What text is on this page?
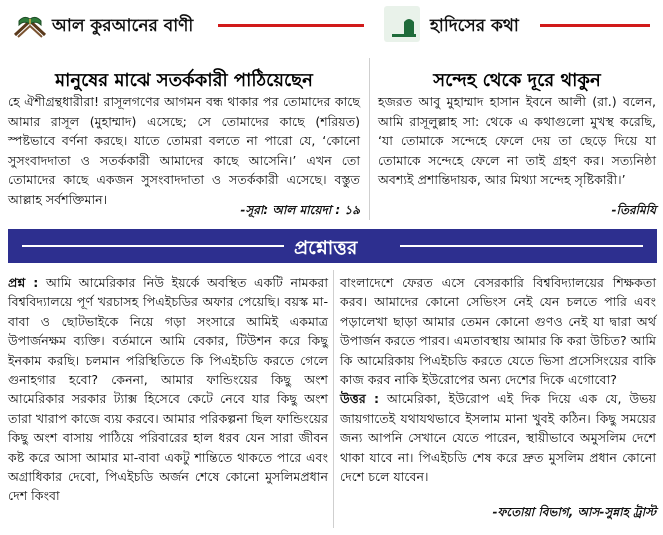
আল কুরআনের বাণী	হাদিসের কথা
মানুষের মাঝে সতর্ককারী পাঠিয়েছেন

হে ঐশীগ্রন্থধারীরা! রাসূলগণের আগমন বন্ধ থাকার পর তোমাদের কাছে আমার রাসূল (মুহাম্মাদ) এসেছে; সে তোমাদের কাছে (শরিয়ত) স্পষ্টভাবে বর্ণনা করছে। যাতে তোমরা বলতে না পারো যে, ‘কোনো সুসংবাদদাতা ও সতর্ককারী আমাদের কাছে আসেনি।’ এখন তো তোমাদের কাছে একজন সুসংবাদদাতা ও সতর্ককারী এসেছে। বস্তুত আল্লাহ সর্বশক্তিমান।

-সূরা: আল মায়েদা : ১৯
সন্দেহ থেকে দূরে থাকুন

হজরত আবু মুহাম্মাদ হাসান ইবনে আলী (রা.) বলেন, আমি রাসূলুল্লাহ সা: থেকে এ কথাগুলো মুখস্থ করেছি, ‘যা তোমাকে সন্দেহে ফেলে দেয় তা ছেড়ে দিয়ে যা তোমাকে সন্দেহে ফেলে না তাই গ্রহণ কর। সত্যনিষ্ঠা অবশ্যই প্রশান্তিদায়ক, আর মিথ্যা সন্দেহ সৃষ্টিকারী।’

-তিরমিযি
প্রশ্নোত্তর

প্রশ্ন : আমি আমেরিকার নিউ ইয়র্কে অবস্থিত একটি নামকরা বিশ্ববিদ্যালয়ে পূর্ণ খরচাসহ পিএইচডির অফার পেয়েছি। বয়স্ক মা-বাবা ও ছোটভাইকে নিয়ে গড়া সংসারে আমিই একমাত্র উপার্জনক্ষম ব্যক্তি। বর্তমানে আমি বেকার, টিউশন করে কিছু ইনকাম করছি। চলমান পরিস্থিতিতে কি পিএইচডি করতে গেলে গুনাহগার হবো? কেননা, আমার ফান্ডিংয়ের কিছু অংশ আমেরিকার সরকার ট্যাক্স হিসেবে কেটে নেবে যার কিছু অংশ তারা খারাপ কাজে ব্যয় করবে। আমার পরিকল্পনা ছিল ফান্ডিংয়ের কিছু অংশ বাসায় পাঠিয়ে পরিবারের হাল ধরব যেন সারা জীবন কষ্ট করে আসা আমার মা-বাবা একটু শান্তিতে থাকতে পারে এবং অগ্রাধিকার দেবো, পিএইচডি অর্জন শেষে কোনো মুসলিমপ্রধান দেশ কিংবা

বাংলাদেশে ফেরত এসে বেসরকারি বিশ্ববিদ্যালয়ের শিক্ষকতা করব। আমাদের কোনো সেভিংস নেই যেন চলতে পারি এবং পড়ালেখা ছাড়া আমার তেমন কোনো গুণও নেই যা দ্বারা অর্থ উপার্জন করতে পারব। এমতাবস্থায় আমার কি করা উচিত? আমি কি আমেরিকায় পিএইচডি করতে যেতে ভিসা প্রসেসিংয়ের বাকি কাজ করব নাকি ইউরোপের অন্য দেশের দিকে এগোবো?

উত্তর : আমেরিকা, ইউরোপ এই দিক দিয়ে এক যে, উভয় জায়গাতেই যথাযথভাবে ইসলাম মানা খুবই কঠিন। কিছু সময়ের জন্য আপনি সেখানে যেতে পারেন, স্থায়ীভাবে অমুসলিম দেশে থাকা যাবে না। পিএইচডি শেষ করে দ্রুত মুসলিম প্রধান কোনো দেশে চলে যাবেন।

-ফতোয়া বিভাগ, আস-সুন্নাহ ট্রাস্ট
